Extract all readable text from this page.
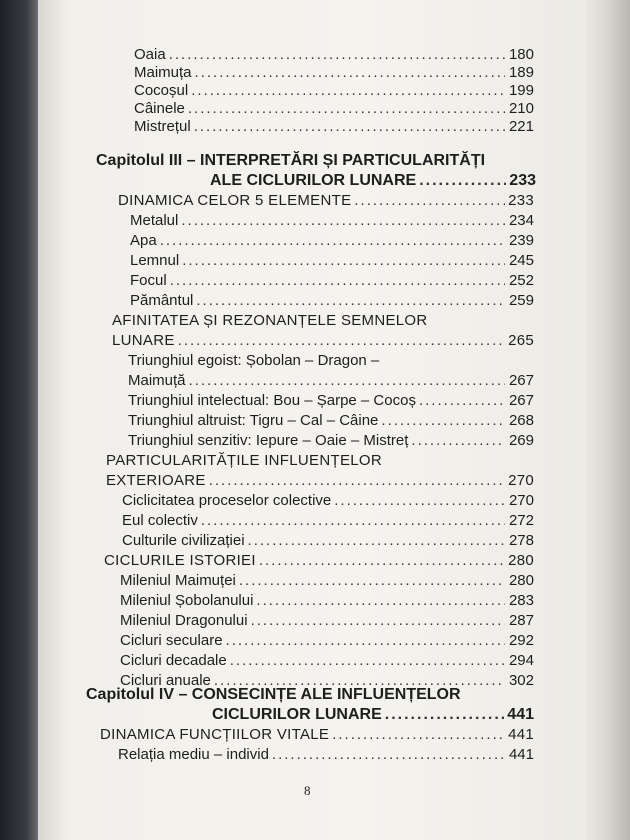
Oaia .....	180
Maimuța .....	189
Cocoșul .....	199
Câinele .....	210
Mistrețul .....	221
Capitolul III – INTERPRETĂRI ȘI PARTICULARITĂȚI
ALE CICLURILOR LUNARE .....	233
DINAMICA CELOR 5 ELEMENTE .....	233
Metalul .....	234
Apa .....	239
Lemnul .....	245
Focul .....	252
Pământul .....	259
AFINITATEA ȘI REZONANȚELE SEMNELOR
LUNARE .....	265
Triunghiul egoist: Șobolan – Dragon –
Maimuță .....	267
Triunghiul intelectual: Bou – Șarpe – Cocoș .....	267
Triunghiul altruist: Tigru – Cal – Câine .....	268
Triunghiul senzitiv: Iepure – Oaie – Mistreț .....	269
PARTICULARITĂȚILE INFLUENȚELOR
EXTERIOARE .....	270
Ciclicitatea proceselor colective .....	270
Eul colectiv .....	272
Culturile civilizației .....	278
CICLURILE ISTORIEI .....	280
Mileniul Maimuței .....	280
Mileniul Șobolanului .....	283
Mileniul Dragonului .....	287
Cicluri seculare .....	292
Cicluri decadale .....	294
Cicluri anuale .....	302
Capitolul IV – CONSECINȚE ALE INFLUENȚELOR
CICLURILOR LUNARE .....	441
DINAMICA FUNCȚIILOR VITALE .....	441
Relația mediu – individ .....	441
8
